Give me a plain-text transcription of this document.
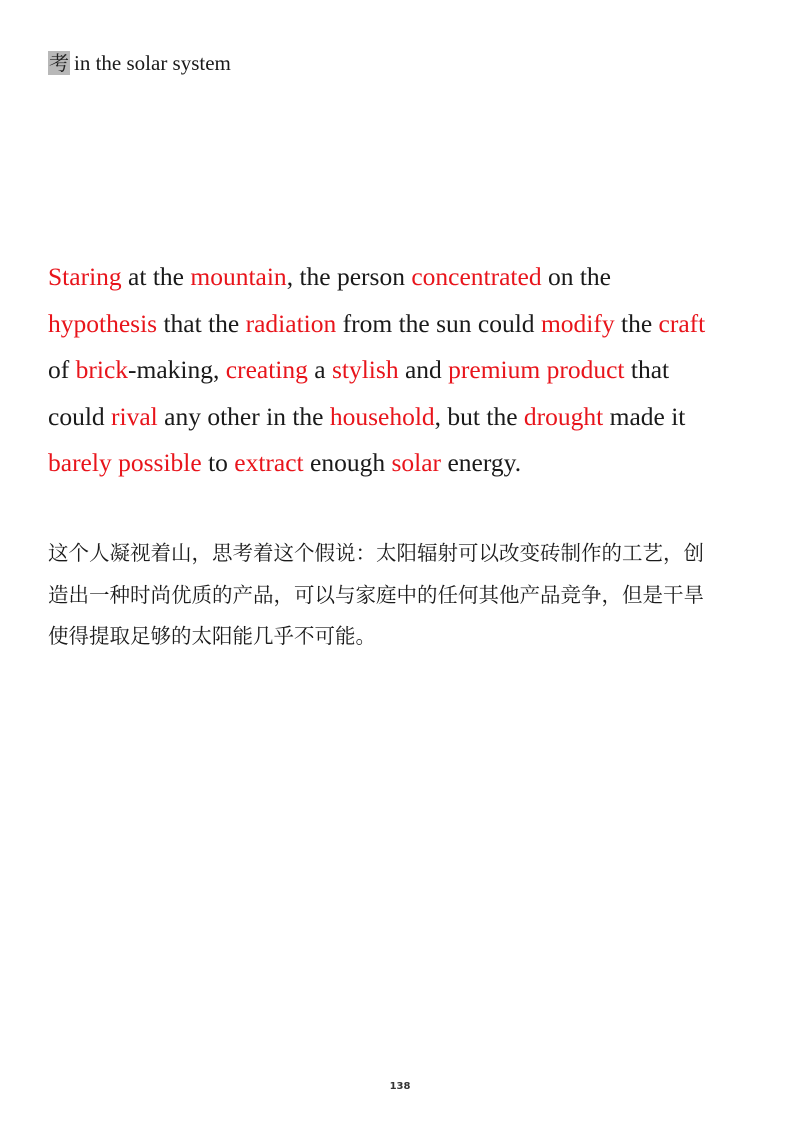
考 in the solar system
Staring at the mountain, the person concentrated on the
hypothesis that the radiation from the sun could modify the craft
of brick-making, creating a stylish and premium product that
could rival any other in the household, but the drought made it
barely possible to extract enough solar energy.
这个人凝视着山，思考着这个假说：太阳辐射可以改变砖制作的工艺，创
造出一种时尚优质的产品，可以与家庭中的任何其他产品竞争，但是干旱
使得提取足够的太阳能几乎不可能。
138
